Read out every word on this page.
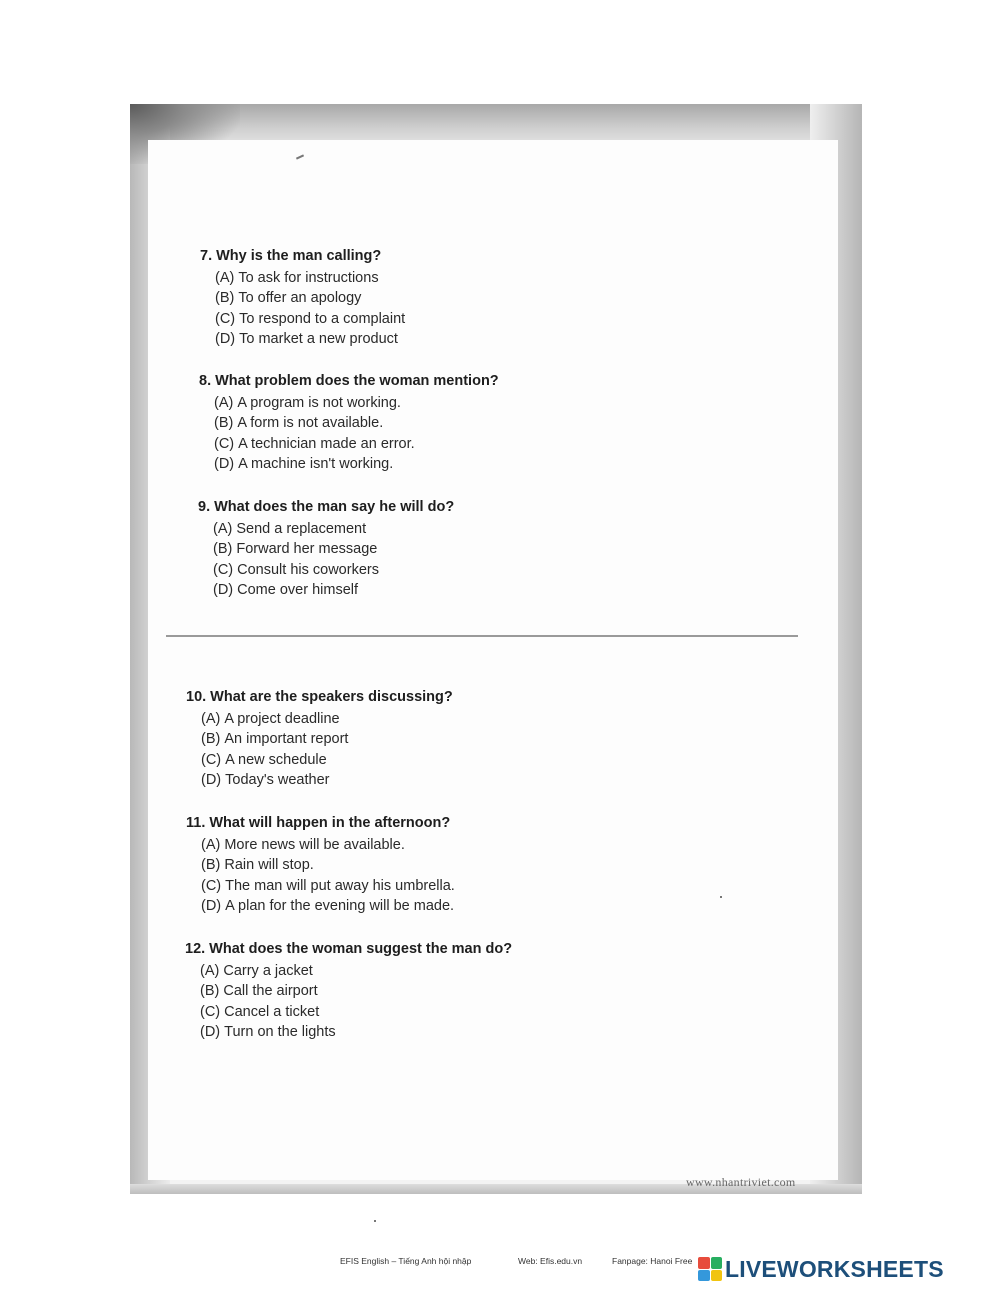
7. Why is the man calling?
(A) To ask for instructions
(B) To offer an apology
(C) To respond to a complaint
(D) To market a new product
8. What problem does the woman mention?
(A) A program is not working.
(B) A form is not available.
(C) A technician made an error.
(D) A machine isn't working.
9. What does the man say he will do?
(A) Send a replacement
(B) Forward her message
(C) Consult his coworkers
(D) Come over himself
10. What are the speakers discussing?
(A) A project deadline
(B) An important report
(C) A new schedule
(D) Today's weather
11. What will happen in the afternoon?
(A) More news will be available.
(B) Rain will stop.
(C) The man will put away his umbrella.
(D) A plan for the evening will be made.
12. What does the woman suggest the man do?
(A) Carry a jacket
(B) Call the airport
(C) Cancel a ticket
(D) Turn on the lights
www.nhantriviet.com
EFIS English – Tiếng Anh hội nhập	Web: Efis.edu.vn	Fanpage: Hanoi Free LIVEWORKSHEETS
